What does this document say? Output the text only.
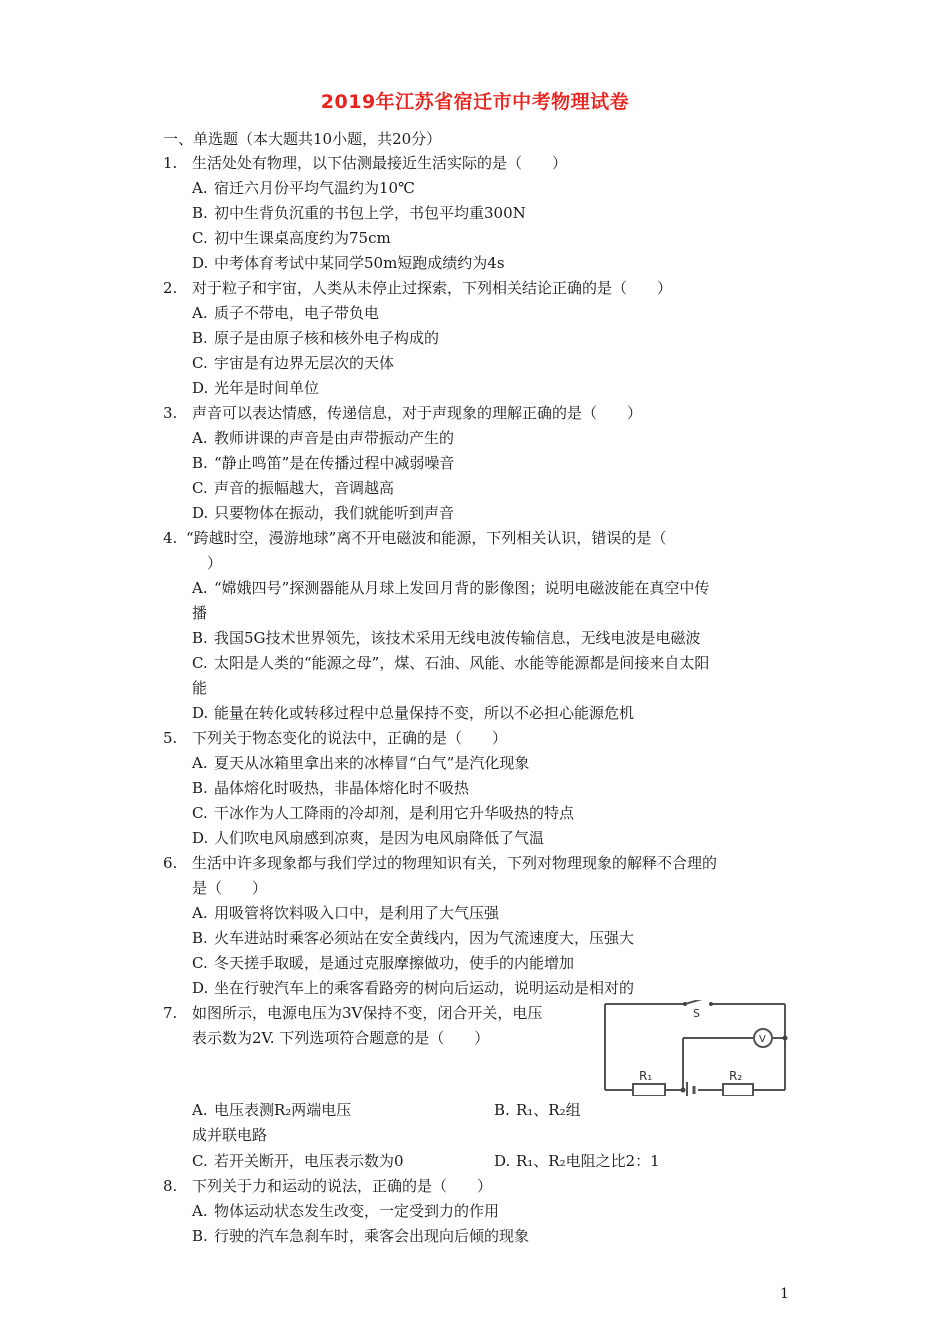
2019年江苏省宿迁市中考物理试卷
一、单选题（本大题共10小题，共20分）
1. 生活处处有物理，以下估测最接近生活实际的是（　　）
A. 宿迁六月份平均气温约为10℃
B. 初中生背负沉重的书包上学，书包平均重300N
C. 初中生课桌高度约为75cm
D. 中考体育考试中某同学50m短跑成绩约为4s
2. 对于粒子和宇宙，人类从未停止过探索，下列相关结论正确的是（　　）
A. 质子不带电，电子带负电
B. 原子是由原子核和核外电子构成的
C. 宇宙是有边界无层次的天体
D. 光年是时间单位
3. 声音可以表达情感，传递信息，对于声现象的理解正确的是（　　）
A. 教师讲课的声音是由声带振动产生的
B. “静止鸣笛”是在传播过程中减弱噪音
C. 声音的振幅越大，音调越高
D. 只要物体在振动，我们就能听到声音
4. “跨越时空，漫游地球”离不开电磁波和能源，下列相关认识，错误的是（
　）
A. “嫦娥四号”探测器能从月球上发回月背的影像图；说明电磁波能在真空中传
播
B. 我国5G技术世界领先，该技术采用无线电波传输信息，无线电波是电磁波
C. 太阳是人类的“能源之母”，煤、石油、风能、水能等能源都是间接来自太阳
能
D. 能量在转化或转移过程中总量保持不变，所以不必担心能源危机
5. 下列关于物态变化的说法中，正确的是（　　）
A. 夏天从冰箱里拿出来的冰棒冒“白气”是汽化现象
B. 晶体熔化时吸热，非晶体熔化时不吸热
C. 干冰作为人工降雨的冷却剂，是利用它升华吸热的特点
D. 人们吹电风扇感到凉爽，是因为电风扇降低了气温
6. 生活中许多现象都与我们学过的物理知识有关，下列对物理现象的解释不合理的
是（　　）
A. 用吸管将饮料吸入口中，是利用了大气压强
B. 火车进站时乘客必须站在安全黄线内，因为气流速度大，压强大
C. 冬天搓手取暖，是通过克服摩擦做功，使手的内能增加
D. 坐在行驶汽车上的乘客看路旁的树向后运动，说明运动是相对的
7. 如图所示，电源电压为3V保持不变，闭合开关，电压
表示数为2V. 下列选项符合题意的是（　　）
S
V
R₁	R₂
A. 电压表测R₂两端电压	B. R₁、R₂组
成并联电路
C. 若开关断开，电压表示数为0	D. R₁、R₂电阻之比2：1
8. 下列关于力和运动的说法，正确的是（　　）
A. 物体运动状态发生改变，一定受到力的作用
B. 行驶的汽车急刹车时，乘客会出现向后倾的现象
1
